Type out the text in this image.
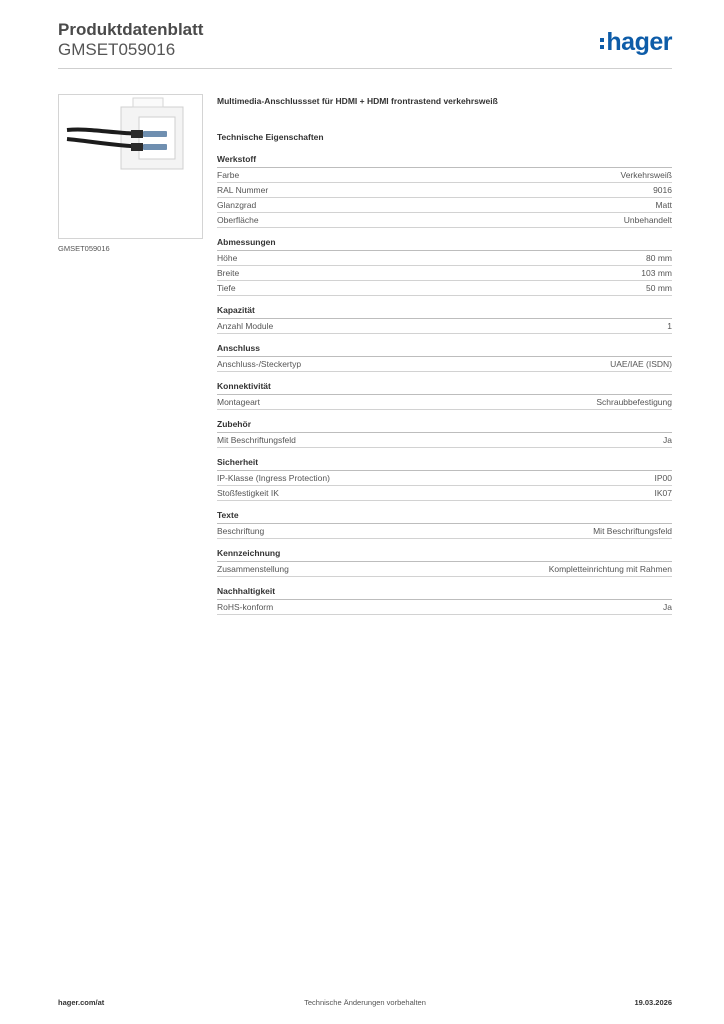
Produktdatenblatt
GMSET059016	hager
GMSET059016
Multimedia-Anschlussset für HDMI + HDMI frontrastend verkehrsweiß
Technische Eigenschaften
Werkstoff
Farbe	Verkehrsweiß
RAL Nummer	9016
Glanzgrad	Matt
Oberfläche	Unbehandelt
Abmessungen
Höhe	80 mm
Breite	103 mm
Tiefe	50 mm
Kapazität
Anzahl Module	1
Anschluss
Anschluss-/Steckertyp	UAE/IAE (ISDN)
Konnektivität
Montageart	Schraubbefestigung
Zubehör
Mit Beschriftungsfeld	Ja
Sicherheit
IP-Klasse (Ingress Protection)	IP00
Stoßfestigkeit IK	IK07
Texte
Beschriftung	Mit Beschriftungsfeld
Kennzeichnung
Zusammenstellung	Kompletteinrichtung mit Rahmen
Nachhaltigkeit
RoHS-konform	Ja
hager.com/at	Technische Änderungen vorbehalten	19.03.2026
